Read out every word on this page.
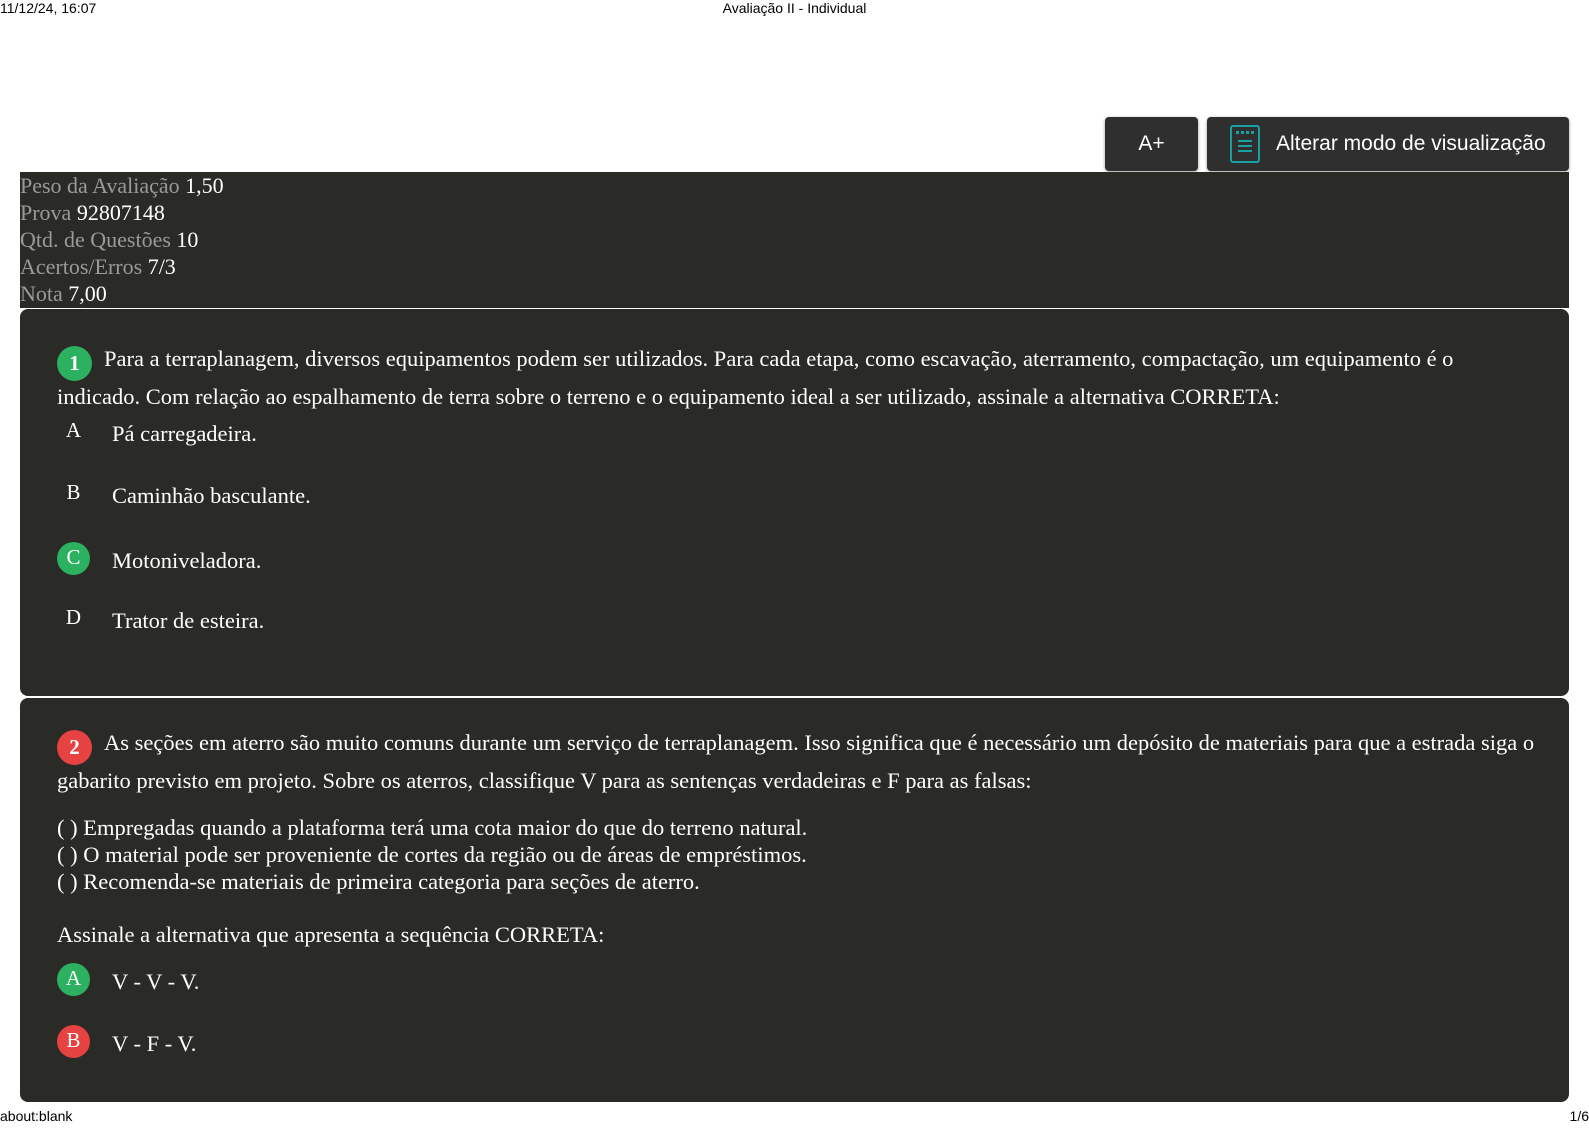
11/12/24, 16:07	Avaliação II - Individual
A+	Alterar modo de visualização
Peso da Avaliação 1,50
Prova 92807148
Qtd. de Questões 10
Acertos/Erros 7/3
Nota 7,00
1 Para a terraplanagem, diversos equipamentos podem ser utilizados. Para cada etapa, como escavação, aterramento, compactação, um equipamento é o indicado. Com relação ao espalhamento de terra sobre o terreno e o equipamento ideal a ser utilizado, assinale a alternativa CORRETA:
A	Pá carregadeira.
B	Caminhão basculante.
C	Motoniveladora.
D	Trator de esteira.
2 As seções em aterro são muito comuns durante um serviço de terraplanagem. Isso significa que é necessário um depósito de materiais para que a estrada siga o gabarito previsto em projeto. Sobre os aterros, classifique V para as sentenças verdadeiras e F para as falsas:
( ) Empregadas quando a plataforma terá uma cota maior do que do terreno natural.
( ) O material pode ser proveniente de cortes da região ou de áreas de empréstimos.
( ) Recomenda-se materiais de primeira categoria para seções de aterro.
Assinale a alternativa que apresenta a sequência CORRETA:
A	V - V - V.
B	V - F - V.
about:blank	1/6
